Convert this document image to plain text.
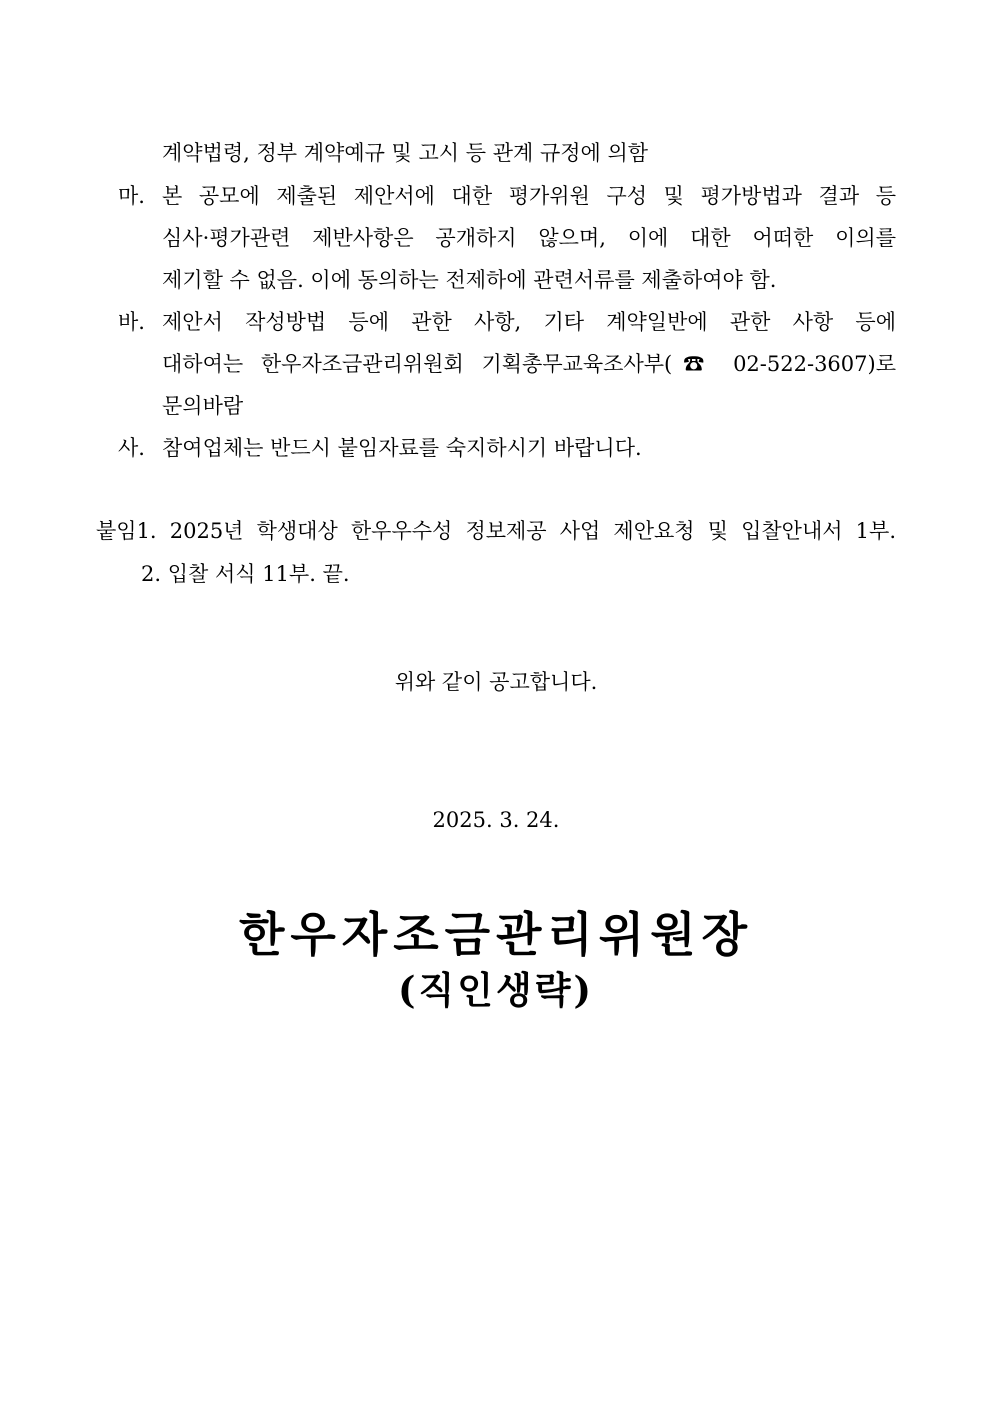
계약법령, 정부 계약예규 및 고시 등 관계 규정에 의함
마. 본 공모에 제출된 제안서에 대한 평가위원 구성 및 평가방법과 결과 등
심사·평가관련 제반사항은 공개하지 않으며, 이에 대한 어떠한 이의를
제기할 수 없음. 이에 동의하는 전제하에 관련서류를 제출하여야 함.
바. 제안서 작성방법 등에 관한 사항, 기타 계약일반에 관한 사항 등에
대하여는 한우자조금관리위원회 기획총무교육조사부(☎ 02-522-3607)로
문의바람
사. 참여업체는 반드시 붙임자료를 숙지하시기 바랍니다.
붙임1. 2025년 학생대상 한우우수성 정보제공 사업 제안요청 및 입찰안내서 1부.
2. 입찰 서식 11부. 끝.
위와 같이 공고합니다.
2025. 3. 24.
한우자조금관리위원장
(직인생략)
